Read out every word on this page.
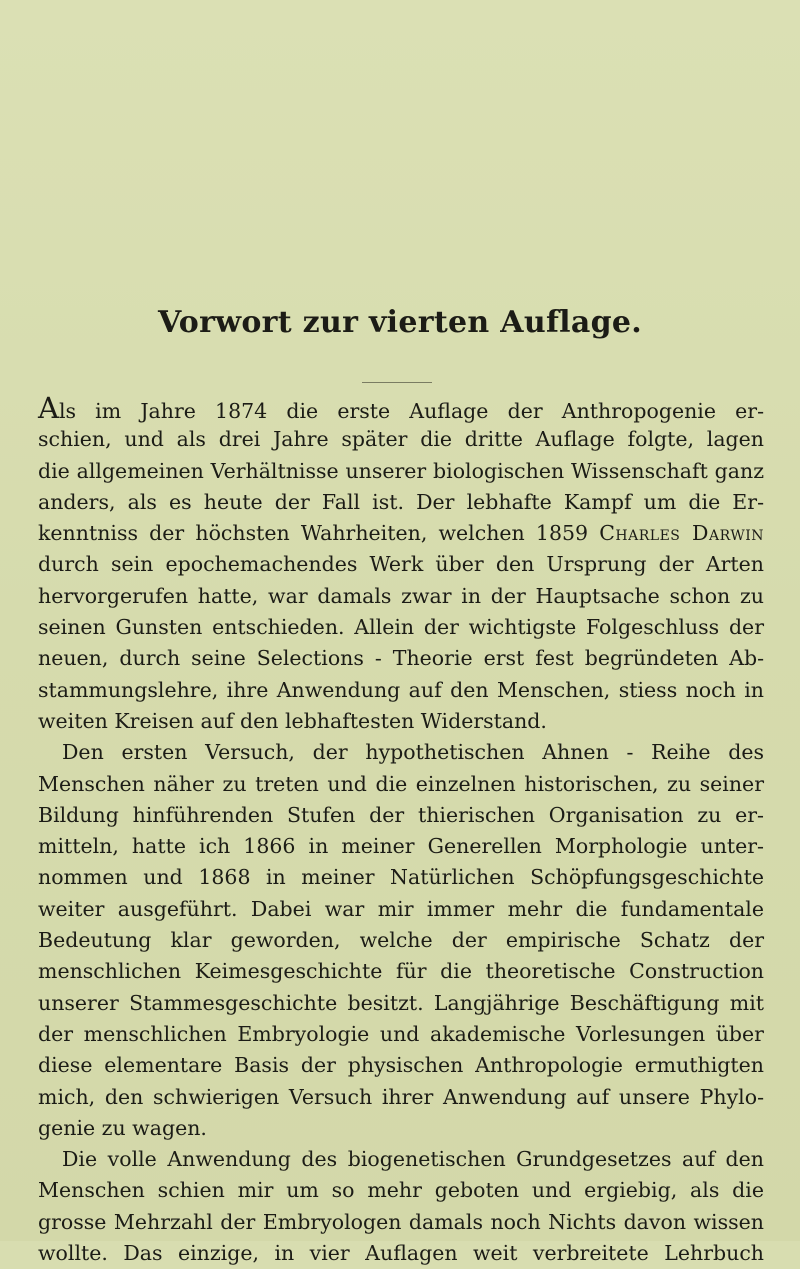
Vorwort zur vierten Auflage.
Als im Jahre 1874 die erste Auflage der Anthropogenie er-
schien, und als drei Jahre später die dritte Auflage folgte, lagen
die allgemeinen Verhältnisse unserer biologischen Wissenschaft ganz
anders, als es heute der Fall ist. Der lebhafte Kampf um die Er-
kenntniss der höchsten Wahrheiten, welchen 1859 Charles Darwin
durch sein epochemachendes Werk über den Ursprung der Arten
hervorgerufen hatte, war damals zwar in der Hauptsache schon zu
seinen Gunsten entschieden. Allein der wichtigste Folgeschluss der
neuen, durch seine Selections - Theorie erst fest begründeten Ab-
stammungslehre, ihre Anwendung auf den Menschen, stiess noch in
weiten Kreisen auf den lebhaftesten Widerstand.
Den ersten Versuch, der hypothetischen Ahnen - Reihe des
Menschen näher zu treten und die einzelnen historischen, zu seiner
Bildung hinführenden Stufen der thierischen Organisation zu er-
mitteln, hatte ich 1866 in meiner Generellen Morphologie unter-
nommen und 1868 in meiner Natürlichen Schöpfungsgeschichte
weiter ausgeführt. Dabei war mir immer mehr die fundamentale
Bedeutung klar geworden, welche der empirische Schatz der
menschlichen Keimesgeschichte für die theoretische Construction
unserer Stammesgeschichte besitzt. Langjährige Beschäftigung mit
der menschlichen Embryologie und akademische Vorlesungen über
diese elementare Basis der physischen Anthropologie ermuthigten
mich, den schwierigen Versuch ihrer Anwendung auf unsere Phylo-
genie zu wagen.
Die volle Anwendung des biogenetischen Grundgesetzes auf den
Menschen schien mir um so mehr geboten und ergiebig, als die
grosse Mehrzahl der Embryologen damals noch Nichts davon wissen
wollte. Das einzige, in vier Auflagen weit verbreitete Lehrbuch
